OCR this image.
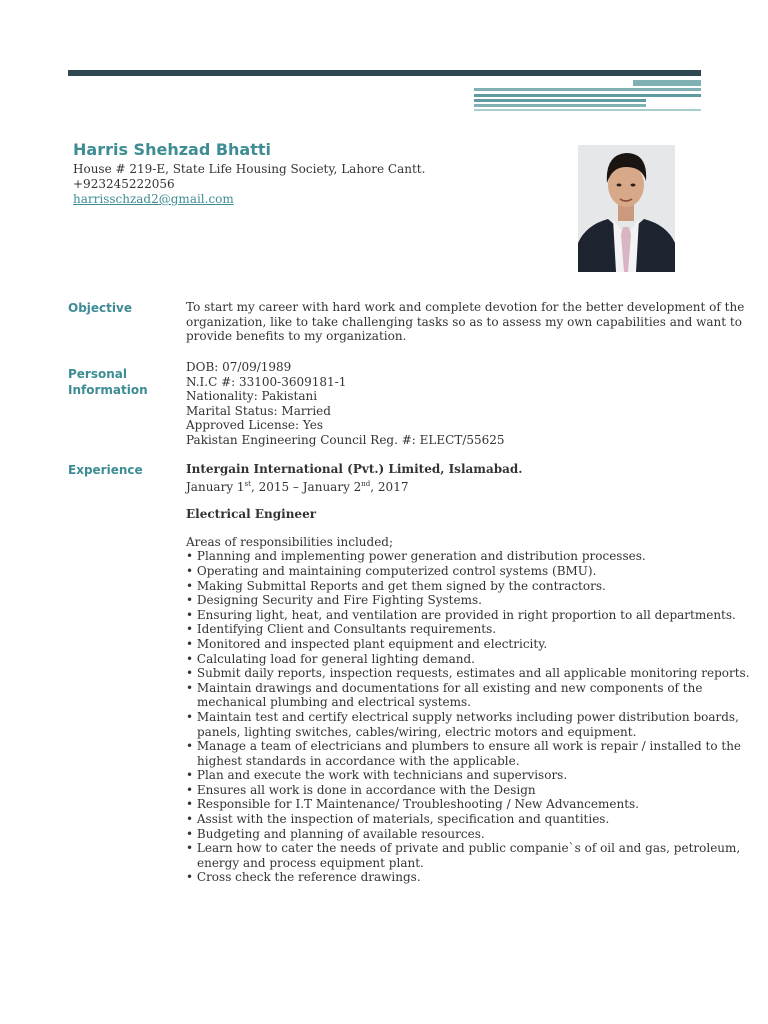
Harris Shehzad Bhatti
House # 219-E, State Life Housing Society, Lahore Cantt.
+923245222056
harrisschzad2@gmail.com
Objective	To start my career with hard work and complete devotion for the better development of the
organization, like to take challenging tasks so as to assess my own capabilities and want to
provide benefits to my organization.
Personal
Information
DOB: 07/09/1989
N.I.C #: 33100-3609181-1
Nationality: Pakistani
Marital Status: Married
Approved License: Yes
Pakistan Engineering Council Reg. #: ELECT/55625
Experience	Intergain International (Pvt.) Limited, Islamabad.
January 1st, 2015 – January 2nd, 2017
Electrical Engineer
Areas of responsibilities included;
• Planning and implementing power generation and distribution processes.
• Operating and maintaining computerized control systems (BMU).
• Making Submittal Reports and get them signed by the contractors.
• Designing Security and Fire Fighting Systems.
• Ensuring light, heat, and ventilation are provided in right proportion to all departments.
• Identifying Client and Consultants requirements.
• Monitored and inspected plant equipment and electricity.
• Calculating load for general lighting demand.
• Submit daily reports, inspection requests, estimates and all applicable monitoring reports.
• Maintain drawings and documentations for all existing and new components of the
mechanical plumbing and electrical systems.
• Maintain test and certify electrical supply networks including power distribution boards,
panels, lighting switches, cables/wiring, electric motors and equipment.
• Manage a team of electricians and plumbers to ensure all work is repair / installed to the
highest standards in accordance with the applicable.
• Plan and execute the work with technicians and supervisors.
• Ensures all work is done in accordance with the Design
• Responsible for I.T Maintenance/ Troubleshooting / New Advancements.
• Assist with the inspection of materials, specification and quantities.
• Budgeting and planning of available resources.
• Learn how to cater the needs of private and public companie`s of oil and gas, petroleum,
energy and process equipment plant.
• Cross check the reference drawings.
